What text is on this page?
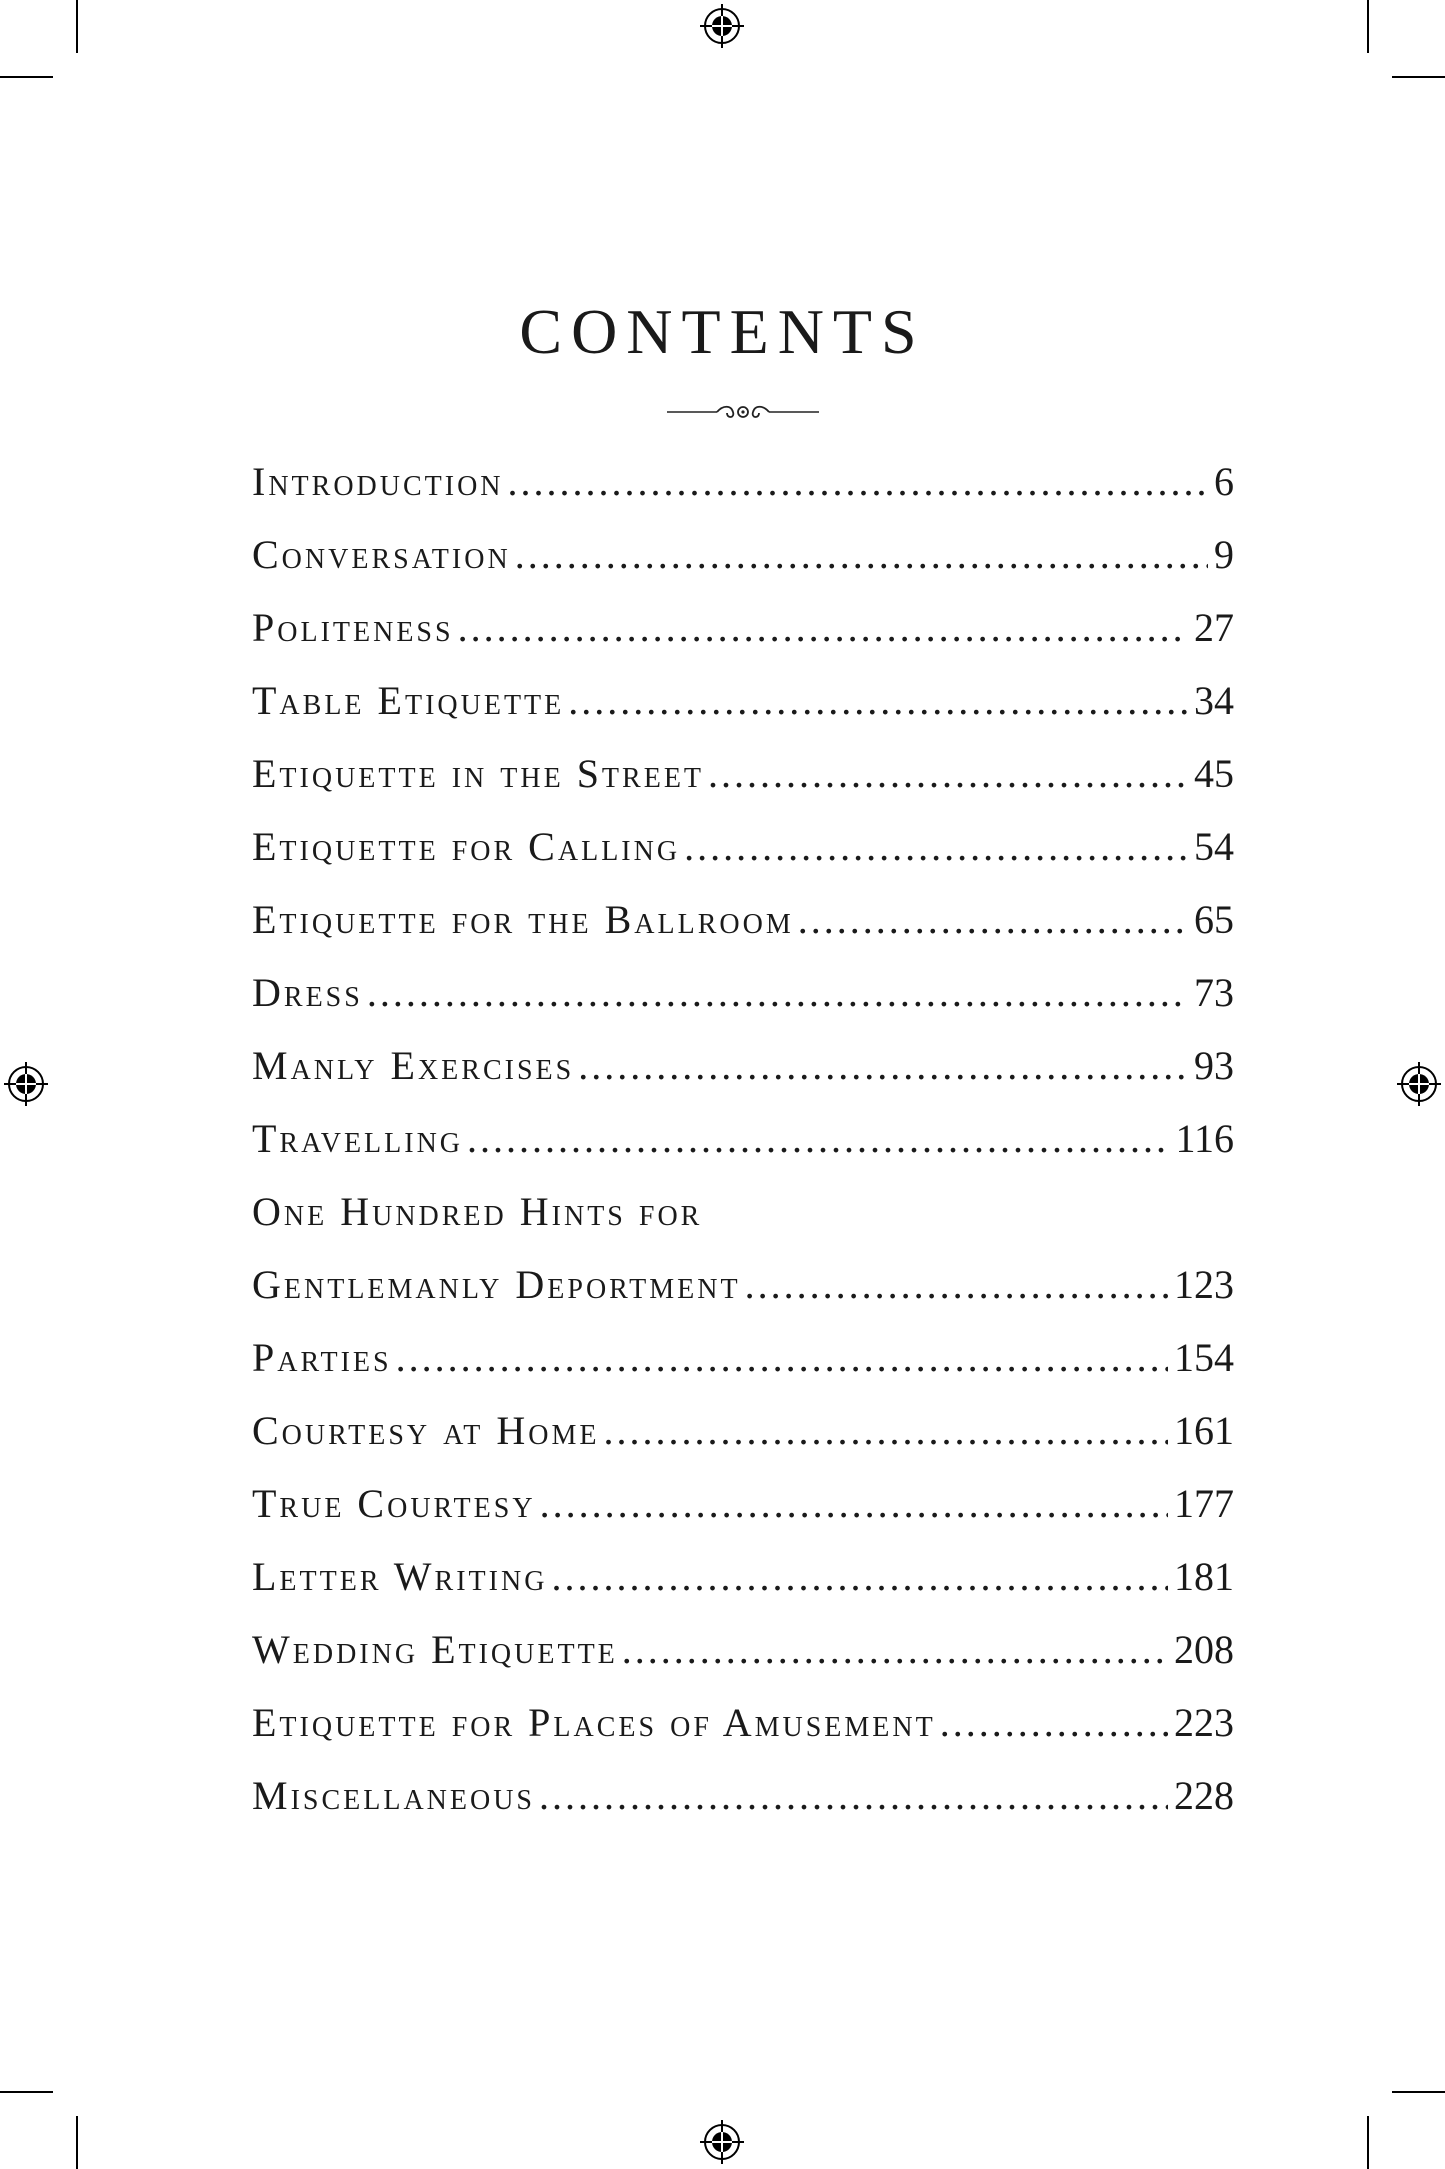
CONTENTS
Introduction .....	6
Conversation .....	9
Politeness .....	27
Table Etiquette .....	34
Etiquette in the Street .....	45
Etiquette for Calling .....	54
Etiquette for the Ballroom .....	65
Dress .....	73
Manly Exercises .....	93
Travelling .....	116
One Hundred Hints for
Gentlemanly Deportment .....	123
Parties .....	154
Courtesy at Home .....	161
True Courtesy .....	177
Letter Writing .....	181
Wedding Etiquette .....	208
Etiquette for Places of Amusement .....	223
Miscellaneous .....	228
